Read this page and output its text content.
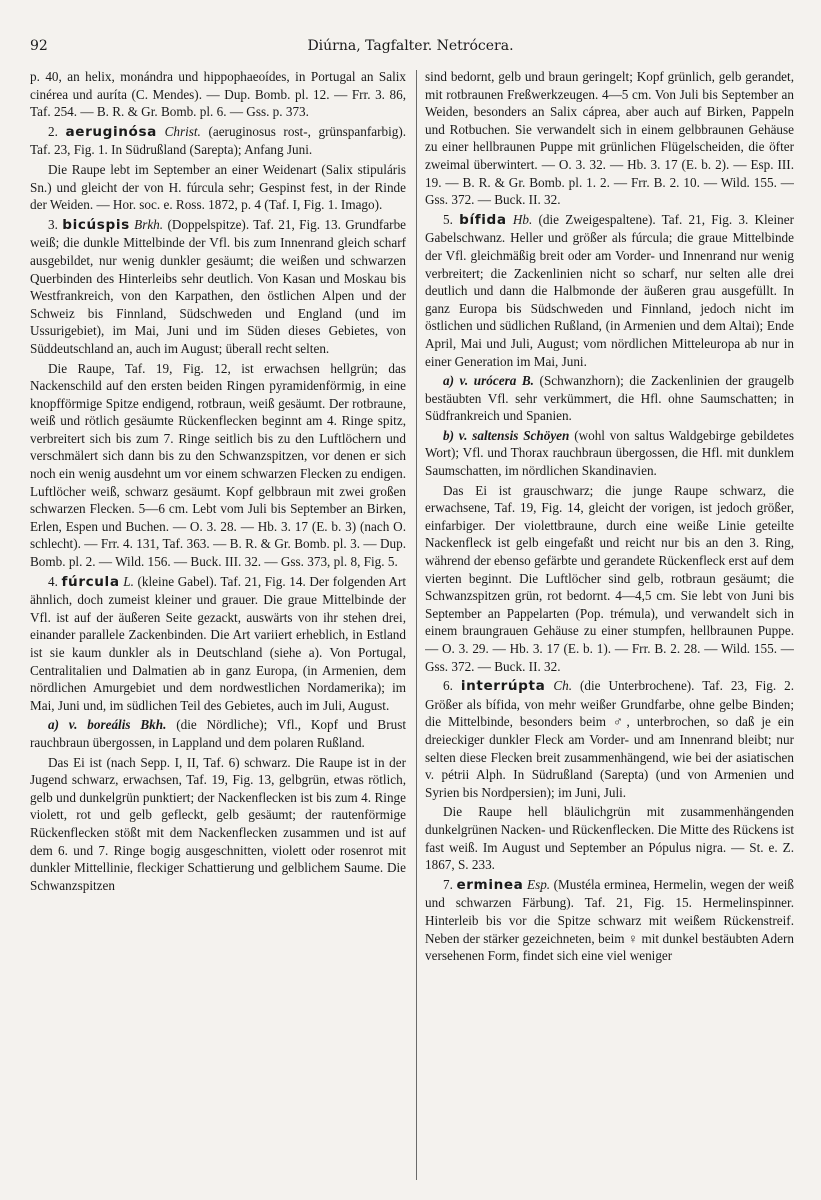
92	Diúrna, Tagfalter. Netrócera.

p. 40, an helix, monándra und hippophaeoídes, in Portugal an Salix cinérea und auríta (C. Mendes). — Dup. Bomb. pl. 12. — Frr. 3. 86, Taf. 254. — B. R. & Gr. Bomb. pl. 6. — Gss. p. 373.

2. aeruginósa Christ. (aeruginosus rost-, grünspanfarbig). Taf. 23, Fig. 1. In Südrußland (Sarepta); Anfang Juni.

Die Raupe lebt im September an einer Weidenart (Salix stipuláris Sn.) und gleicht der von H. fúrcula sehr; Gespinst fest, in der Rinde der Weiden. — Hor. soc. e. Ross. 1872, p. 4 (Taf. I, Fig. 1. Imago).

3. bicúspis Brkh. (Doppelspitze). Taf. 21, Fig. 13. Grundfarbe weiß; die dunkle Mittelbinde der Vfl. bis zum Innenrand gleich scharf ausgebildet, nur wenig dunkler gesäumt; die weißen und schwarzen Querbinden des Hinterleibs sehr deutlich. Von Kasan und Moskau bis Westfrankreich, von den Karpathen, den östlichen Alpen und der Schweiz bis Finnland, Südschweden und England (und im Ussurigebiet), im Mai, Juni und im Süden dieses Gebietes, von Süddeutschland an, auch im August; überall recht selten.

Die Raupe, Taf. 19, Fig. 12, ist erwachsen hellgrün; das Nackenschild auf den ersten beiden Ringen pyramidenförmig, in eine knopfförmige Spitze endigend, rotbraun, weiß gesäumt. Der rotbraune, weiß und rötlich gesäumte Rückenflecken beginnt am 4. Ringe spitz, verbreitert sich bis zum 7. Ringe seitlich bis zu den Luftlöchern und verschmälert sich dann bis zu den Schwanzspitzen, vor denen er sich noch ein wenig ausdehnt um vor einem schwarzen Flecken zu endigen. Luftlöcher weiß, schwarz gesäumt. Kopf gelbbraun mit zwei großen schwarzen Flecken. 5—6 cm. Lebt vom Juli bis September an Birken, Erlen, Espen und Buchen. — O. 3. 28. — Hb. 3. 17 (E. b. 3) (nach O. schlecht). — Frr. 4. 131, Taf. 363. — B. R. & Gr. Bomb. pl. 3. — Dup. Bomb. pl. 2. — Wild. 156. — Buck. III. 32. — Gss. 373, pl. 8, Fig. 5.

4. fúrcula L. (kleine Gabel). Taf. 21, Fig. 14. Der folgenden Art ähnlich, doch zumeist kleiner und grauer. Die graue Mittelbinde der Vfl. ist auf der äußeren Seite gezackt, auswärts von ihr stehen drei, einander parallele Zackenbinden. Die Art variiert erheblich, in Estland ist sie kaum dunkler als in Deutschland (siehe a). Von Portugal, Centralitalien und Dalmatien ab in ganz Europa, (in Armenien, dem nördlichen Amurgebiet und dem nordwestlichen Nordamerika); im Mai, Juni und, im südlichen Teil des Gebietes, auch im Juli, August.

a) v. boreális Bkh. (die Nördliche); Vfl., Kopf und Brust rauchbraun übergossen, in Lappland und dem polaren Rußland.

Das Ei ist (nach Sepp. I, II, Taf. 6) schwarz. Die Raupe ist in der Jugend schwarz, erwachsen, Taf. 19, Fig. 13, gelbgrün, etwas rötlich, gelb und dunkelgrün punktiert; der Nackenflecken ist bis zum 4. Ringe violett, rot und gelb gefleckt, gelb gesäumt; der rautenförmige Rückenflecken stößt mit dem Nackenflecken zusammen und ist auf dem 6. und 7. Ringe bogig ausgeschnitten, violett oder rosenrot mit dunkler Mittellinie, fleckiger Schattierung und gelblichem Saume. Die Schwanzspitzen

sind bedornt, gelb und braun geringelt; Kopf grünlich, gelb gerandet, mit rotbraunen Freßwerkzeugen. 4—5 cm. Von Juli bis September an Weiden, besonders an Salix cáprea, aber auch auf Birken, Pappeln und Rotbuchen. Sie verwandelt sich in einem gelbbraunen Gehäuse zu einer hellbraunen Puppe mit grünlichen Flügelscheiden, die öfter zweimal überwintert. — O. 3. 32. — Hb. 3. 17 (E. b. 2). — Esp. III. 19. — B. R. & Gr. Bomb. pl. 1. 2. — Frr. B. 2. 10. — Wild. 155. — Gss. 372. — Buck. II. 32.

5. bífida Hb. (die Zweigespaltene). Taf. 21, Fig. 3. Kleiner Gabelschwanz. Heller und größer als fúrcula; die graue Mittelbinde der Vfl. gleichmäßig breit oder am Vorder- und Innenrand nur wenig verbreitert; die Zackenlinien nicht so scharf, nur selten alle drei deutlich und dann die Halbmonde der äußeren grau ausgefüllt. In ganz Europa bis Südschweden und Finnland, jedoch nicht im östlichen und südlichen Rußland, (in Armenien und dem Altai); Ende April, Mai und Juli, August; vom nördlichen Mitteleuropa ab nur in einer Generation im Mai, Juni.

a) v. urócera B. (Schwanzhorn); die Zackenlinien der graugelb bestäubten Vfl. sehr verkümmert, die Hfl. ohne Saumschatten; in Südfrankreich und Spanien.

b) v. saltensis Schöyen (wohl von saltus Waldgebirge gebildetes Wort); Vfl. und Thorax rauchbraun übergossen, die Hfl. mit dunklem Saumschatten, im nördlichen Skandinavien.

Das Ei ist grauschwarz; die junge Raupe schwarz, die erwachsene, Taf. 19, Fig. 14, gleicht der vorigen, ist jedoch größer, einfarbiger. Der violettbraune, durch eine weiße Linie geteilte Nackenfleck ist gelb eingefaßt und reicht nur bis an den 3. Ring, während der ebenso gefärbte und gerandete Rückenfleck erst auf dem vierten beginnt. Die Luftlöcher sind gelb, rotbraun gesäumt; die Schwanzspitzen grün, rot bedornt. 4—4,5 cm. Sie lebt von Juni bis September an Pappelarten (Pop. trémula), und verwandelt sich in einem braungrauen Gehäuse zu einer stumpfen, hellbraunen Puppe. — O. 3. 29. — Hb. 3. 17 (E. b. 1). — Frr. B. 2. 28. — Wild. 155. — Gss. 372. — Buck. II. 32.

6. interrúpta Ch. (die Unterbrochene). Taf. 23, Fig. 2. Größer als bífida, von mehr weißer Grundfarbe, ohne gelbe Binden; die Mittelbinde, besonders beim ♂, unterbrochen, so daß je ein dreieckiger dunkler Fleck am Vorder- und am Innenrand bleibt; nur selten diese Flecken breit zusammenhängend, wie bei der asiatischen v. pétrii Alph. In Südrußland (Sarepta) (und von Armenien und Syrien bis Nordpersien); im Juni, Juli.

Die Raupe hell bläulichgrün mit zusammenhängenden dunkelgrünen Nacken- und Rückenflecken. Die Mitte des Rückens ist fast weiß. Im August und September an Pópulus nigra. — St. e. Z. 1867, S. 233.

7. erminea Esp. (Mustéla erminea, Hermelin, wegen der weiß und schwarzen Färbung). Taf. 21, Fig. 15. Hermelinspinner. Hinterleib bis vor die Spitze schwarz mit weißem Rückenstreif. Neben der stärker gezeichneten, beim ♀ mit dunkel bestäubten Adern versehenen Form, findet sich eine viel weniger
